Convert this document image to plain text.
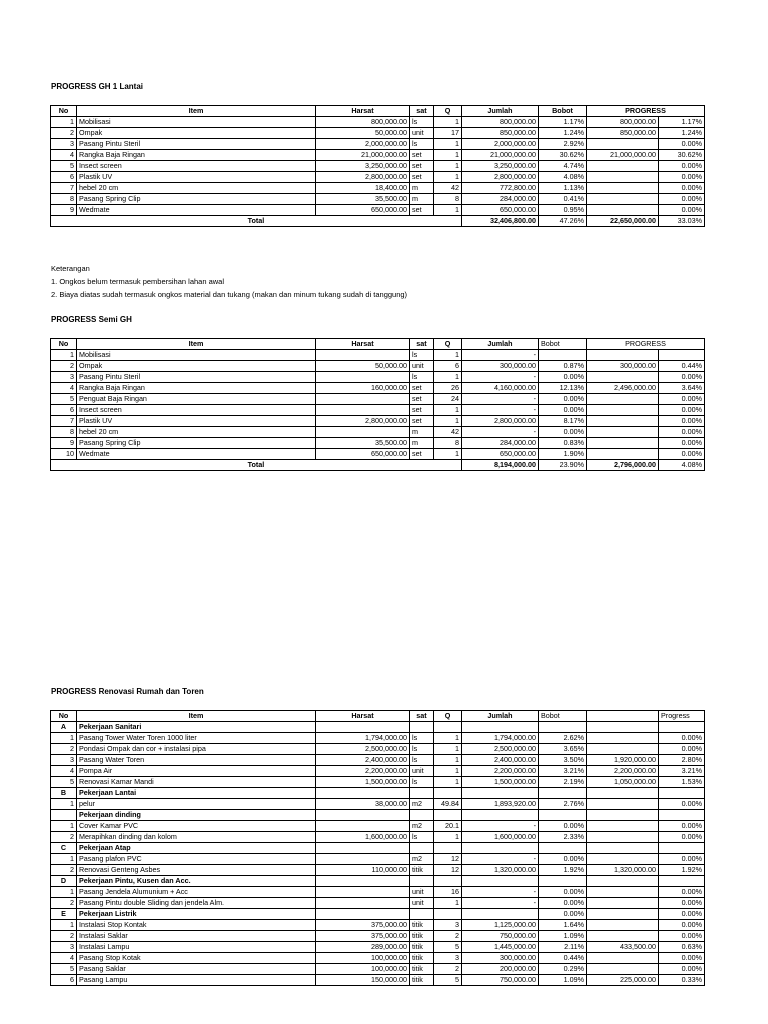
PROGRESS GH 1 Lantai
No	Item	Harsat	sat	Q	Jumlah	Bobot	PROGRESS	
1	Mobilisasi	800,000.00	ls	1	800,000.00	1.17%	800,000.00	1.17%
2	Ompak	50,000.00	unit	17	850,000.00	1.24%	850,000.00	1.24%
3	Pasang Pintu Steril	2,000,000.00	ls	1	2,000,000.00	2.92%		0.00%
4	Rangka Baja Ringan	21,000,000.00	set	1	21,000,000.00	30.62%	21,000,000.00	30.62%
5	Insect screen	3,250,000.00	set	1	3,250,000.00	4.74%		0.00%
6	Plastik UV	2,800,000.00	set	1	2,800,000.00	4.08%		0.00%
7	hebel 20 cm	18,400.00	m	42	772,800.00	1.13%		0.00%
8	Pasang Spring Clip	35,500.00	m	8	284,000.00	0.41%		0.00%
9	Wedmate	650,000.00	set	1	650,000.00	0.95%		0.00%
Total					32,406,800.00	47.26%	22,650,000.00	33.03%
Keterangan
1. Ongkos belum termasuk pembersihan lahan awal
2. Biaya diatas sudah termasuk ongkos material dan tukang (makan dan minum tukang sudah di tanggung)
PROGRESS Semi GH
No	Item	Harsat	sat	Q	Jumlah	Bobot	PROGRESS	
1	Mobilisasi		ls	1	-			
2	Ompak	50,000.00	unit	6	300,000.00	0.87%	300,000.00	0.44%
3	Pasang Pintu Steril		ls	1	-	0.00%		0.00%
4	Rangka Baja Ringan	160,000.00	set	26	4,160,000.00	12.13%	2,496,000.00	3.64%
5	Penguat Baja Ringan		set	24	-	0.00%		0.00%
6	Insect screen		set	1	-	0.00%		0.00%
7	Plastik UV	2,800,000.00	set	1	2,800,000.00	8.17%		0.00%
8	hebel 20 cm		m	42	-	0.00%		0.00%
9	Pasang Spring Clip	35,500.00	m	8	284,000.00	0.83%		0.00%
10	Wedmate	650,000.00	set	1	650,000.00	1.90%		0.00%
Total					8,194,000.00	23.90%	2,796,000.00	4.08%
PROGRESS Renovasi Rumah dan Toren
No	Item	Harsat	sat	Q	Jumlah	Bobot		Progress
A	Pekerjaan Sanitari							
1	Pasang Tower Water Toren 1000 liter	1,794,000.00	ls	1	1,794,000.00	2.62%		0.00%
2	Pondasi Ompak dan cor + instalasi pipa	2,500,000.00	ls	1	2,500,000.00	3.65%		0.00%
3	Pasang Water Toren	2,400,000.00	ls	1	2,400,000.00	3.50%	1,920,000.00	2.80%
4	Pompa Air	2,200,000.00	unit	1	2,200,000.00	3.21%	2,200,000.00	3.21%
5	Renovasi Kamar Mandi	1,500,000.00	ls	1	1,500,000.00	2.19%	1,050,000.00	1.53%
B	Pekerjaan Lantai							
1	pelur	38,000.00	m2	49.84	1,893,920.00	2.76%		0.00%
	Pekerjaan dinding							
1	Cover Kamar PVC		m2	20.1	-	0.00%		0.00%
2	Merapihkan dinding dan kolom	1,600,000.00	ls	1	1,600,000.00	2.33%		0.00%
C	Pekerjaan Atap							
1	Pasang plafon PVC		m2	12	-	0.00%		0.00%
2	Renovasi Genteng Asbes	110,000.00	titik	12	1,320,000.00	1.92%	1,320,000.00	1.92%
D	Pekerjaan Pintu, Kusen dan Acc.							
1	Pasang Jendela Alumunium + Acc		unit	16	-	0.00%		0.00%
2	Pasang Pintu double Sliding dan jendela Alm.		unit	1	-	0.00%		0.00%
E	Pekerjaan Listrik					0.00%		0.00%
1	Instalasi Stop Kontak	375,000.00	titik	3	1,125,000.00	1.64%		0.00%
2	Instalasi Saklar	375,000.00	titik	2	750,000.00	1.09%		0.00%
3	Instalasi Lampu	289,000.00	titik	5	1,445,000.00	2.11%	433,500.00	0.63%
4	Pasang Stop Kotak	100,000.00	titik	3	300,000.00	0.44%		0.00%
5	Pasang Saklar	100,000.00	titik	2	200,000.00	0.29%		0.00%
6	Pasang Lampu	150,000.00	titik	5	750,000.00	1.09%	225,000.00	0.33%
